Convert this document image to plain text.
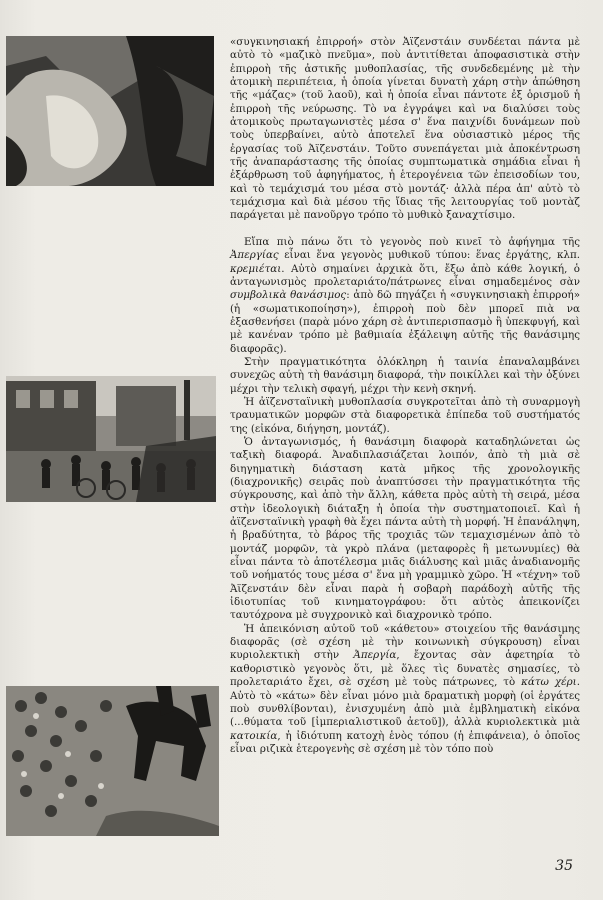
«συγκινησιακή ἐπιρροή» στὸν Ἀϊζενστάιν συνδέεται πάντα μὲ αὐτὸ τὸ «μαζικὸ πνεῦμα», ποὺ ἀντιτίθεται ἀποφασιστικὰ στὴν ἐπιρροὴ τῆς ἀστικῆς μυθοπλασίας, τῆς συνδεδεμένης μὲ τὴν ἀτομικὴ περιπέτεια, ἡ ὁποία γίνεται δυνατὴ χάρη στὴν ἀπώθηση τῆς «μάζας» (τοῦ λαοῦ), καὶ ἡ ὁποία εἶναι πάντοτε ἐξ ὁρισμοῦ ἡ ἐπιρροὴ τῆς νεύρωσης. Τὸ να ἐγγράψει καὶ να διαλύσει τοὺς ἀτομικοὺς πρωταγωνιστὲς μέσα σ' ἕνα παιχνίδι δυνάμεων ποὺ τοὺς ὑπερβαίνει, αὐτὸ ἀποτελεῖ ἕνα οὐσιαστικὸ μέρος τῆς ἐργασίας τοῦ Ἀϊζενστάιν. Τοῦτο συνεπάγεται μιὰ ἀποκέντρωση τῆς ἀναπαράστασης τῆς ὁποίας συμπτωματικὰ σημάδια εἶναι ἡ ἐξάρθρωση τοῦ ἀφηγήματος, ἡ ἑτερογένεια τῶν ἐπεισοδίων του, καὶ τὸ τεμάχισμά του μέσα στὸ μοντάζ· ἀλλὰ πέρα ἀπ' αὐτὸ τὸ τεμάχισμα καὶ διὰ μέσου τῆς ἴδιας τῆς λειτουργίας τοῦ μοντὰζ παράγεται μὲ πανοῦργο τρόπο τὸ μυθικὸ ξαναχτίσιμο.

Εἴπα πιὸ πάνω ὅτι τὸ γεγονὸς ποὺ κινεῖ τὸ ἀφήγημα τῆς Ἀπεργίας εἶναι ἕνα γεγονὸς μυθικοῦ τύπου: ἕνας ἐργάτης, κλπ. κρεμιέται. Αὐτὸ σημαίνει ἀρχικὰ ὅτι, ἔξω ἀπὸ κάθε λογική, ὁ ἀνταγωνισμὸς προλεταριάτο/πάτρωνες εἶναι σημαδεμένος σὰν συμβολικὰ θανάσιμος: ἀπὸ δῶ πηγάζει ἡ «συγκινησιακὴ ἐπιρροή» (ἡ «σωματικοποίηση»), ἐπιρροὴ ποὺ δὲν μπορεῖ πιὰ να ἐξασθενήσει (παρὰ μόνο χάρη σὲ ἀντιπερισπασμὸ ἢ ὑπεκφυγή, καὶ μὲ κανέναν τρόπο μὲ βαθμιαία ἐξάλειψη αὐτῆς τῆς θανάσιμης διαφορᾶς).

Στὴν πραγματικότητα ὁλόκληρη ἡ ταινία ἐπαναλαμβάνει συνεχῶς αὐτὴ τὴ θανάσιμη διαφορά, τὴν ποικίλλει καὶ τὴν ὀξύνει μέχρι τὴν τελικὴ σφαγή, μέχρι τὴν κενὴ σκηνή.

Ἡ ἀϊζενσταϊνικὴ μυθοπλασία συγκροτεῖται ἀπὸ τὴ συναρμογὴ τραυματικῶν μορφῶν στὰ διαφορετικὰ ἐπίπεδα τοῦ συστήματός της (εἰκόνα, διήγηση, μοντάζ).

Ὁ ἀνταγωνισμός, ἡ θανάσιμη διαφορὰ καταδηλώνεται ὡς ταξικὴ διαφορά. Ἀναδιπλασιάζεται λοιπόν, ἀπὸ τὴ μιὰ σὲ διηγηματικὴ διάσταση κατὰ μῆκος τῆς χρονολογικῆς (διαχρονικῆς) σειρᾶς ποὺ ἀναπτύσσει τὴν πραγματικότητα τῆς σύγκρουσης, καὶ ἀπὸ τὴν ἄλλη, κάθετα πρὸς αὐτὴ τὴ σειρά, μέσα στὴν ἰδεολογικὴ διάταξη ἡ ὁποία τὴν συστηματοποιεῖ. Καὶ ἡ ἀϊζενσταϊνικὴ γραφὴ θὰ ἔχει πάντα αὐτὴ τὴ μορφή. Ἡ ἐπανάληψη, ἡ βραδύτητα, τὸ βάρος τῆς τροχιᾶς τῶν τεμαχισμένων ἀπὸ τὸ μοντάζ μορφῶν, τὰ γκρὸ πλάνα (μεταφορὲς ἢ μετωνυμίες) θὰ εἶναι πάντα τὸ ἀποτέλεσμα μιᾶς διάλυσης καὶ μιᾶς ἀναδιανομῆς τοῦ νοήματός τους μέσα σ' ἕνα μὴ γραμμικὸ χῶρο. Ἡ «τέχνη» τοῦ Ἀϊζενστάιν δὲν εἶναι παρὰ ἡ σοβαρὴ παράδοχὴ αὐτῆς τῆς ἰδιοτυπίας τοῦ κινηματογράφου: ὅτι αὐτὸς ἀπεικονίζει ταυτόχρονα μὲ συγχρονικὸ καὶ διαχρονικὸ τρόπο.

Ἡ ἀπεικόνιση αὐτοῦ τοῦ «κάθετου» στοιχείου τῆς θανάσιμης διαφορᾶς (σὲ σχέση μὲ τὴν κοινωνικὴ σύγκρουση) εἶναι κυριολεκτικὴ στὴν Ἀπεργία, ἔχοντας σὰν ἀφετηρία τὸ καθοριστικὸ γεγονὸς ὅτι, μὲ ὅλες τὶς δυνατὲς σημασίες, τὸ προλεταριάτο ἔχει, σὲ σχέση μὲ τοὺς πάτρωνες, τὸ κάτω χέρι. Αὐτὸ τὸ «κάτω» δὲν εἶναι μόνο μιὰ δραματικὴ μορφὴ (οἱ ἐργάτες ποὺ συνθλίβονται), ἐνισχυμένη ἀπὸ μιὰ ἐμβληματικὴ εἰκόνα (...θύματα τοῦ [ἰμπεριαλιστικοῦ ἀετοῦ]), ἀλλὰ κυριολεκτικὰ μιὰ κατοικία, ἡ ἰδιότυπη κατοχὴ ἑνὸς τόπου (ἡ ἐπιφάνεια), ὁ ὁποῖος εἶναι ριζικὰ ἑτερογενὴς σὲ σχέση μὲ τὸν τόπο ποὺ

35
